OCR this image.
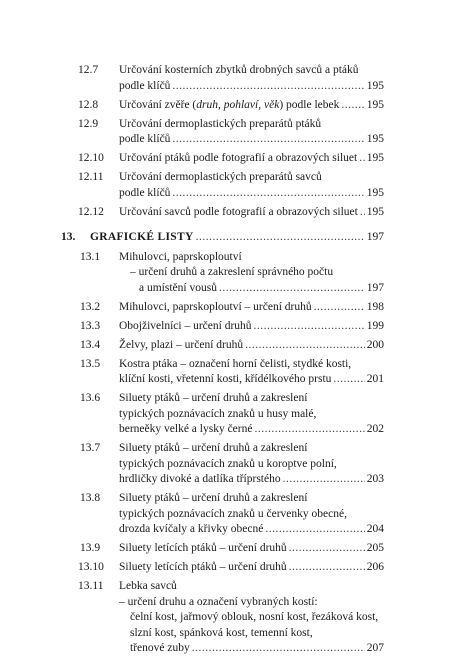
12.7 Určování kosterních zbytků drobných savců a ptáků
podle klíčů .....	195
12.8 Určování zvěře (druh, pohlaví, věk) podle lebek ..... 195
12.9 Určování dermoplastických preparátů ptáků
podle klíčů .....	195
12.10 Určování ptáků podle fotografií a obrazových siluet ..... 195
12.11 Určování dermoplastických preparátů savců
podle klíčů .....	195
12.12 Určování savců podle fotografií a obrazových siluet ..... 195
13. GRAFICKÉ LISTY .....	197
13.1 Mihulovci, paprskoploutví
– určení druhů a zakreslení správného počtu
a umístění vousů .....	197
13.2 Mihulovci, paprskoploutví – určení druhů .....	198
13.3 Obojživelníci – určení druhů .....	199
13.4 Želvy, plazi – určení druhů .....	200
13.5 Kostra ptáka – označení horní čelisti, stydké kosti,
klíční kosti, vřetenní kosti, křídélkového prstu .....	201
13.6 Siluety ptáků – určení druhů a zakreslení
typických poznávacích znaků u husy malé,
berneěky velké a lysky černé .....	202
13.7 Siluety ptáků – určení druhů a zakreslení
typických poznávacích znaků u koroptve polní,
hrdličky divoké a datlíka tříprstého .....	203
13.8 Siluety ptáků – určení druhů a zakreslení
typických poznávacích znaků u červenky obecné,
drozda kvíčaly a křivky obecné .....	204
13.9 Siluety letících ptáků – určení druhů .....	205
13.10 Siluety letících ptáků – určení druhů .....	206
13.11 Lebka savců
– určení druhu a označení vybraných kostí:
čelní kost, jařmový oblouk, nosní kost, řezáková kost,
slzní kost, spánková kost, temenní kost,
třenové zuby .....	207
